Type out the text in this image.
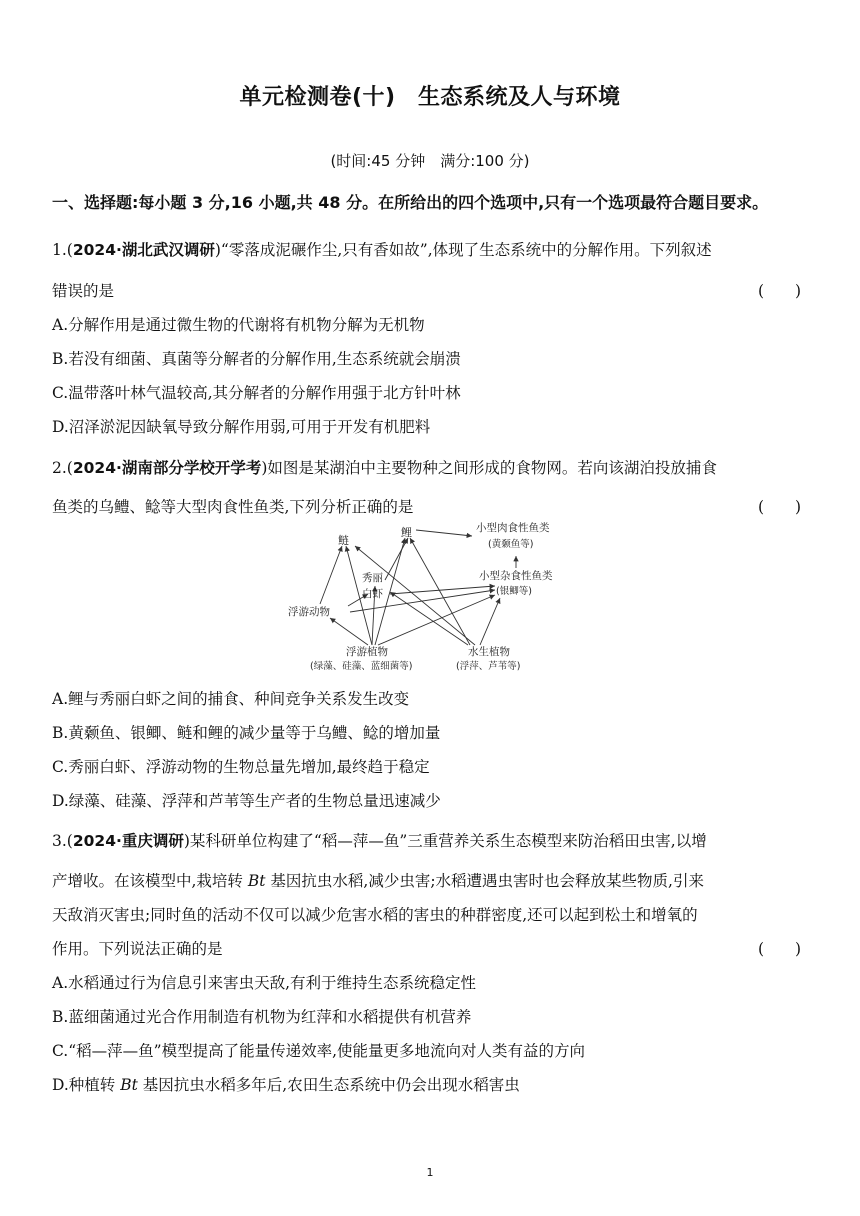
单元检测卷(十)　生态系统及人与环境
(时间:45 分钟　满分:100 分)
一、选择题:每小题 3 分,16 小题,共 48 分。在所给出的四个选项中,只有一个选项最符合题目要求。
1.(2024·湖北武汉调研)“零落成泥碾作尘,只有香如故”,体现了生态系统中的分解作用。下列叙述
错误的是	(　　)
A.分解作用是通过微生物的代谢将有机物分解为无机物
B.若没有细菌、真菌等分解者的分解作用,生态系统就会崩溃
C.温带落叶林气温较高,其分解者的分解作用强于北方针叶林
D.沼泽淤泥因缺氧导致分解作用弱,可用于开发有机肥料
2.(2024·湖南部分学校开学考)如图是某湖泊中主要物种之间形成的食物网。若向该湖泊投放捕食
鱼类的乌鳢、鲶等大型肉食性鱼类,下列分析正确的是	(　　)
鲢
鲤	小型肉食性鱼类
(黄颡鱼等)
秀丽
白虾
小型杂食性鱼类
(银鲫等)
浮游动物
浮游植物
(绿藻、硅藻、蓝细菌等)
水生植物
(浮萍、芦苇等)
A.鲤与秀丽白虾之间的捕食、种间竞争关系发生改变
B.黄颡鱼、银鲫、鲢和鲤的减少量等于乌鳢、鲶的增加量
C.秀丽白虾、浮游动物的生物总量先增加,最终趋于稳定
D.绿藻、硅藻、浮萍和芦苇等生产者的生物总量迅速减少
3.(2024·重庆调研)某科研单位构建了“稻—萍—鱼”三重营养关系生态模型来防治稻田虫害,以增
产增收。在该模型中,栽培转 Bt 基因抗虫水稻,减少虫害;水稻遭遇虫害时也会释放某些物质,引来
天敌消灭害虫;同时鱼的活动不仅可以减少危害水稻的害虫的种群密度,还可以起到松土和增氧的
作用。下列说法正确的是	(　　)
A.水稻通过行为信息引来害虫天敌,有利于维持生态系统稳定性
B.蓝细菌通过光合作用制造有机物为红萍和水稻提供有机营养
C.“稻—萍—鱼”模型提高了能量传递效率,使能量更多地流向对人类有益的方向
D.种植转 Bt 基因抗虫水稻多年后,农田生态系统中仍会出现水稻害虫
1
